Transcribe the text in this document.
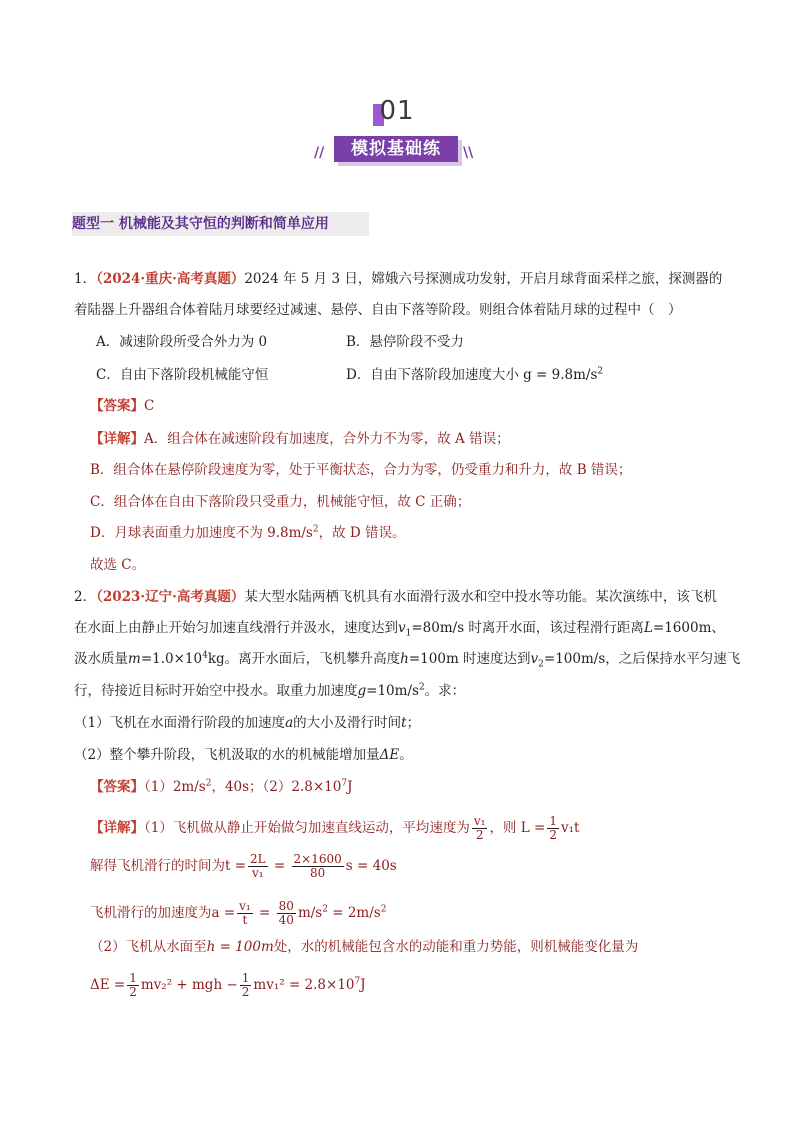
01
模拟基础练
//	\\
题型一 机械能及其守恒的判断和简单应用
1．（2024·重庆·高考真题）2024 年 5 月 3 日，嫦娥六号探测成功发射，开启月球背面采样之旅，探测器的
着陆器上升器组合体着陆月球要经过减速、悬停、自由下落等阶段。则组合体着陆月球的过程中（　）
A．减速阶段所受合外力为 0	B．悬停阶段不受力
C．自由下落阶段机械能守恒	D．自由下落阶段加速度大小 $g = 9.8m/s^2$
【答案】C
【详解】A．组合体在减速阶段有加速度，合外力不为零，故 A 错误；
B．组合体在悬停阶段速度为零，处于平衡状态，合力为零，仍受重力和升力，故 B 错误；
C．组合体在自由下落阶段只受重力，机械能守恒，故 C 正确；
D．月球表面重力加速度不为 $9.8m/s^2$，故 D 错误。
故选 C。
2．（2023·辽宁·高考真题）某大型水陆两栖飞机具有水面滑行汲水和空中投水等功能。某次演练中，该飞机
在水面上由静止开始匀加速直线滑行并汲水，速度达到$v_1=80m/s$ 时离开水面，该过程滑行距离L=1600m、
汲水质量$m=1.0\times 10^4kg$。离开水面后，飞机攀升高度h=100m 时速度达到$v_2=100m/s$，之后保持水平匀速飞
行，待接近目标时开始空中投水。取重力加速度$g=10m/s^2$。求：
（1）飞机在水面滑行阶段的加速度a的大小及滑行时间t；
（2）整个攀升阶段，飞机汲取的水的机械能增加量ΔE。
【答案】$(1)2m/s^2$，40s；$(2)2.8\times 10^7J$
【详解】（1）飞机做从静止开始做匀加速直线运动，平均速度为 $\frac{\text{v₁}}{2}$ ，则 $L = \frac{1}{2} v_1t$
解得飞机滑行的时间为$t = \frac{2L}{\text{v₁}} = \frac{2\times 1600}{80}$ s = 40s
飞机滑行的加速度为$a = \frac{\text{v₁}}{t} = \frac{80}{40} m/s^2 = 2m/s^2$
（2）飞机从水面至h = 100m处，水的机械能包含水的动能和重力势能，则机械能变化量为
$\Delta E = \frac{1}{2} mv_2^2$ + mgh − $\frac{1}{2} mv_1^2 = 2.8\times 10^7J$
